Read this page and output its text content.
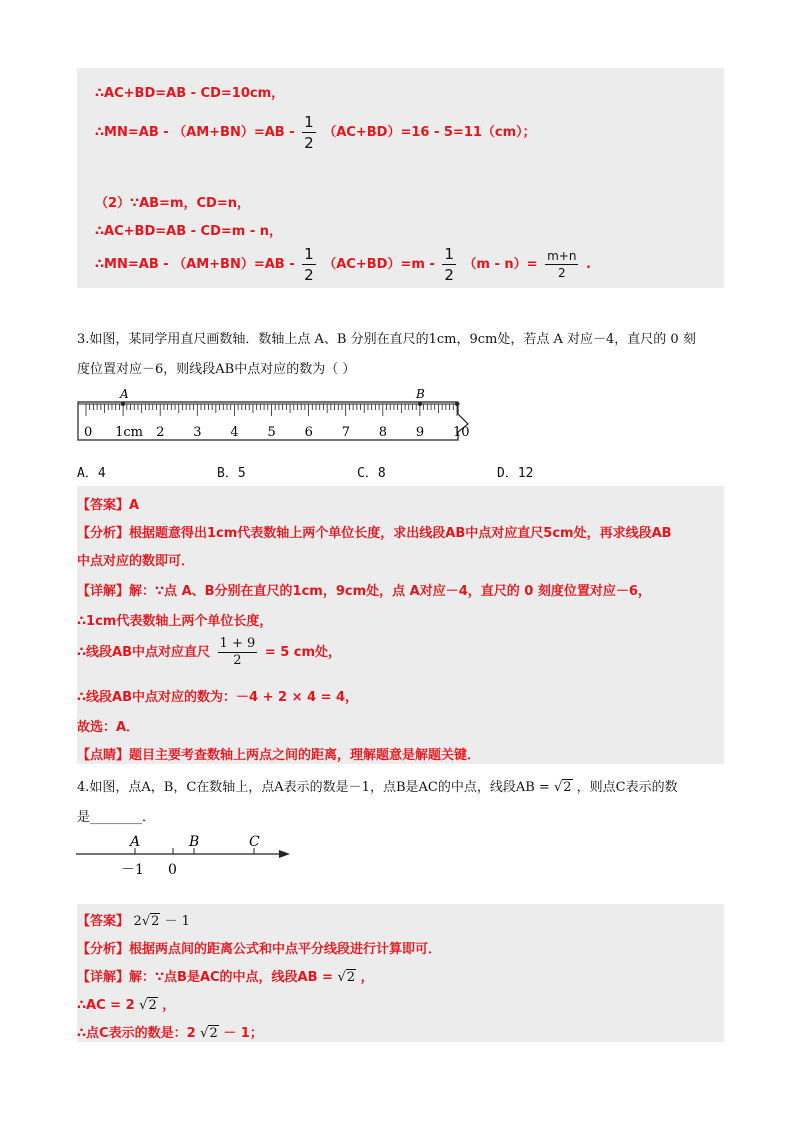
∴AC+BD=AB - CD=10cm，
∴MN=AB - $(AM+BN)=AB - \frac{1}{2} (AC+BD)=16 - 5=11(cm)$；
（2）∵AB=m，CD=n，
∴AC+BD=AB - CD=m - n，
∴MN=AB - $(AM+BN)=AB - \frac{1}{2} (AC+BD)=m - \frac{1}{2} (m - n)= \frac{m+n}{2}$ .
3.如图，某同学用直尺画数轴．数轴上点 A、B 分别在直尺的1cm，9cm处，若点 A 对应－4，直尺的 0 刻
度位置对应－6，则线段AB中点对应的数为（ ）
A	B
0 1cm 2 3 4 5 6 7 8 9 10
A．4	B．5	C．8	D．12
【答案】A
【分析】根据题意得出1cm代表数轴上两个单位长度，求出线段AB中点对应直尺5cm处，再求线段AB
中点对应的数即可．
【详解】解：∵点 A、B分别在直尺的1cm，9cm处，点 A对应－4，直尺的 0 刻度位置对应－6，
∴1cm代表数轴上两个单位长度，
∴线段AB中点对应直尺 $\frac{1 + 9}{2} = 5$ cm处，
∴线段AB中点对应的数为：－4 + 2 × 4 = 4，
故选：A．
【点睛】题目主要考查数轴上两点之间的距离，理解题意是解题关键．
4.如图，点A，B，C在数轴上，点A表示的数是－1，点B是AC的中点，线段AB = √2 ，则点C表示的数
是________．
A	B	C
－1 0
【答案】 2√2 － 1
【分析】根据两点间的距离公式和中点平分线段进行计算即可．
【详解】解：∵点B是AC的中点，线段AB = √2 ，
∴AC = 2 √2 ，
∴点C表示的数是：2 √2 － 1；
